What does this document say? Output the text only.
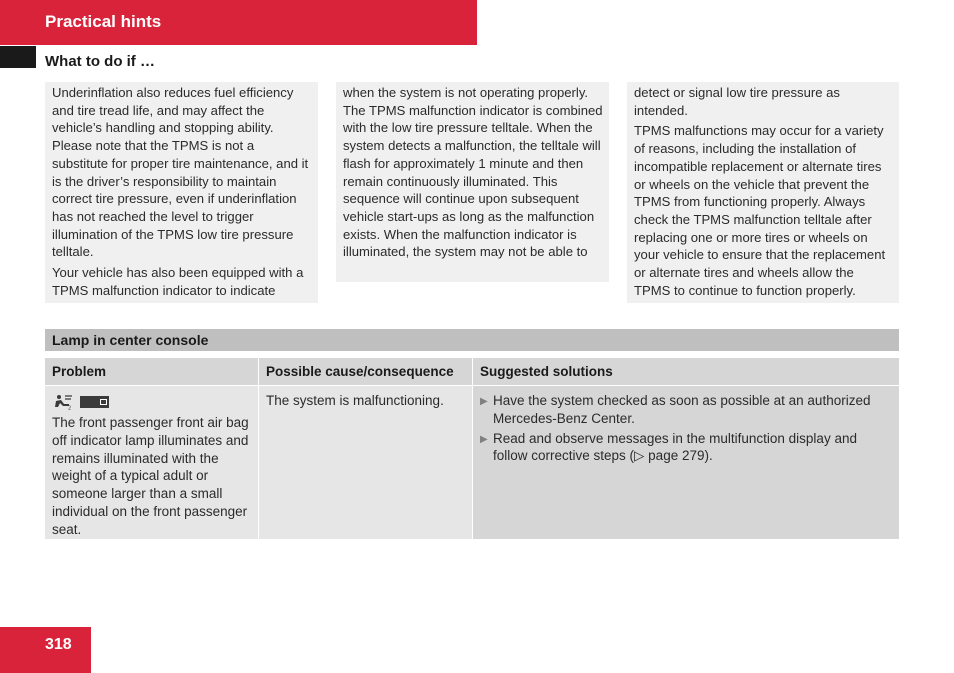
Practical hints
What to do if …

Underinflation also reduces fuel efficiency and tire tread life, and may affect the vehicle’s handling and stopping ability. Please note that the TPMS is not a substitute for proper tire maintenance, and it is the driver’s responsibility to maintain correct tire pressure, even if underinflation has not reached the level to trigger illumination of the TPMS low tire pressure telltale.

Your vehicle has also been equipped with a TPMS malfunction indicator to indicate

when the system is not operating properly. The TPMS malfunction indicator is combined with the low tire pressure telltale. When the system detects a malfunction, the telltale will flash for approximately 1 minute and then remain continuously illuminated. This sequence will continue upon subsequent vehicle start-ups as long as the malfunction exists. When the malfunction indicator is illuminated, the system may not be able to

detect or signal low tire pressure as intended.

TPMS malfunctions may occur for a variety of reasons, including the installation of incompatible replacement or alternate tires or wheels on the vehicle that prevent the TPMS from functioning properly. Always check the TPMS malfunction telltale after replacing one or more tires or wheels on your vehicle to ensure that the replacement or alternate tires and wheels allow the TPMS to continue to function properly.

Lamp in center console
Problem	Possible cause/consequence	Suggested solutions
2
The front passenger front air bag off indicator lamp illuminates and remains illuminated with the weight of a typical adult or someone larger than a small individual on the front passenger seat.
The system is malfunctioning.	▶ Have the system checked as soon as possible at an authorized Mercedes-Benz Center.
▶ Read and observe messages in the multifunction display and follow corrective steps (▷ page 279).
318
